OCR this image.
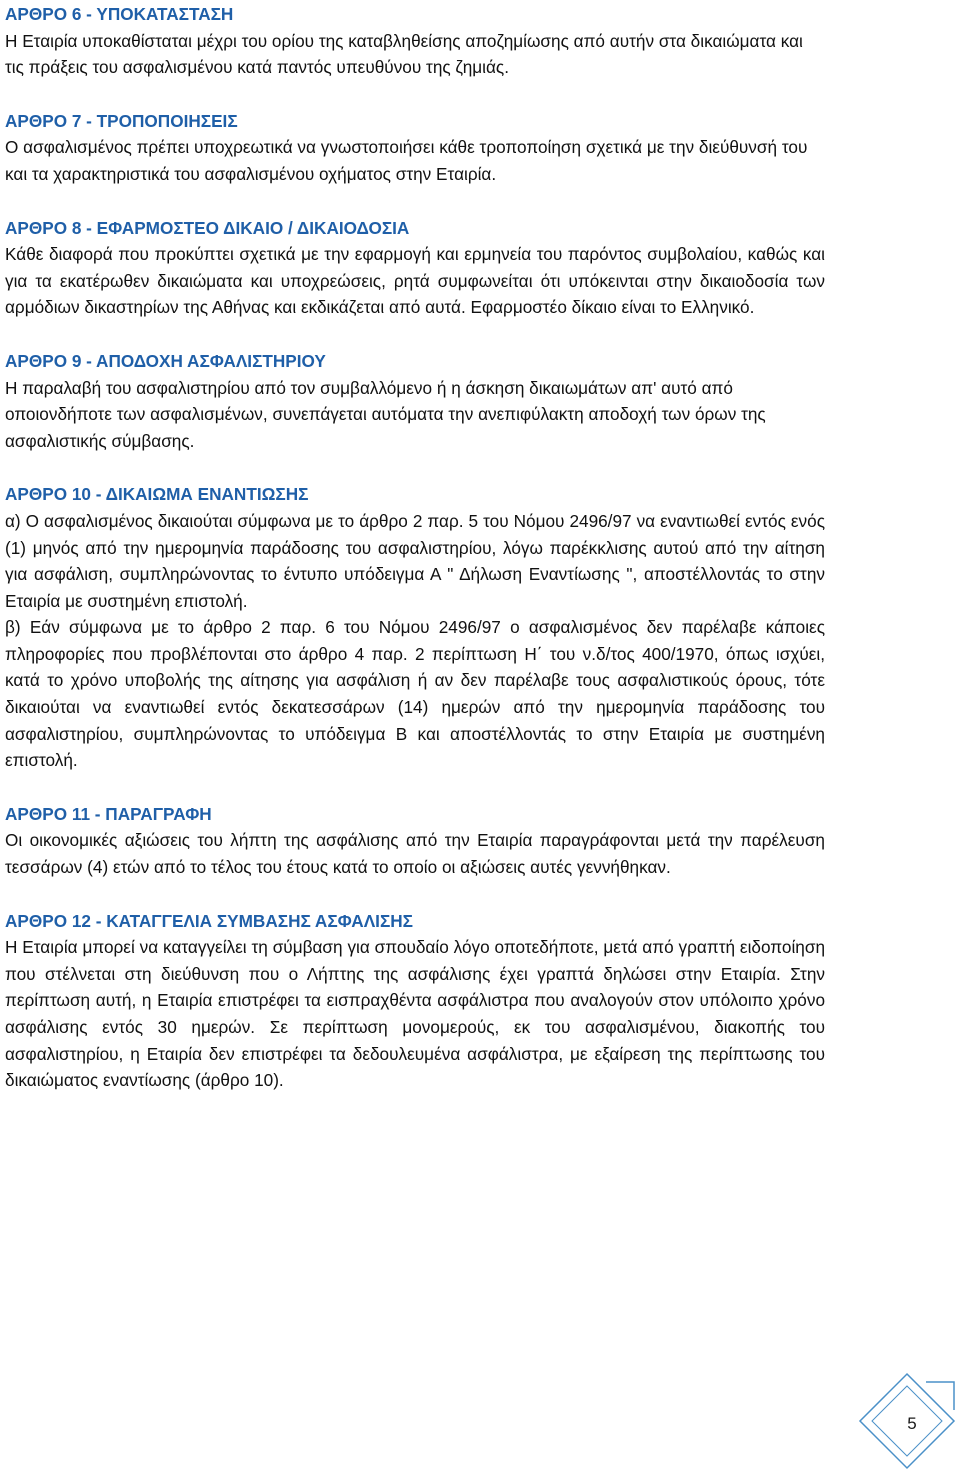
ΑΡΘΡΟ 6 - ΥΠΟΚΑΤΑΣΤΑΣΗ

Η Εταιρία υποκαθίσταται μέχρι του ορίου της καταβληθείσης αποζημίωσης από αυτήν στα δικαιώματα και τις πράξεις του ασφαλισμένου κατά παντός υπευθύνου της ζημιάς.

ΑΡΘΡΟ 7 - ΤΡΟΠΟΠΟΙΗΣΕΙΣ

Ο ασφαλισμένος πρέπει υποχρεωτικά να γνωστοποιήσει κάθε τροποποίηση σχετικά με την διεύθυνσή του και τα χαρακτηριστικά του ασφαλισμένου οχήματος στην Εταιρία.

ΑΡΘΡΟ 8 - ΕΦΑΡΜΟΣΤΕΟ ΔΙΚΑΙΟ / ΔΙΚΑΙΟΔΟΣΙΑ

Κάθε διαφορά που προκύπτει σχετικά με την εφαρμογή και ερμηνεία του παρόντος συμβολαίου, καθώς και για τα εκατέρωθεν δικαιώματα και υποχρεώσεις, ρητά συμφωνείται ότι υπόκεινται στην δικαιοδοσία των αρμόδιων δικαστηρίων της Αθήνας και εκδικάζεται από αυτά. Εφαρμοστέο δίκαιο είναι το Ελληνικό.

ΑΡΘΡΟ 9 - ΑΠΟΔΟΧΗ ΑΣΦΑΛΙΣΤΗΡΙΟΥ

Η παραλαβή του ασφαλιστηρίου από τον συμβαλλόμενο ή η άσκηση δικαιωμάτων απ' αυτό από οποιονδήποτε των ασφαλισμένων, συνεπάγεται αυτόματα την ανεπιφύλακτη αποδοχή των όρων της ασφαλιστικής σύμβασης.

ΑΡΘΡΟ 10 - ΔΙΚΑΙΩΜΑ ΕΝΑΝΤΙΩΣΗΣ

α) Ο ασφαλισμένος δικαιούται σύμφωνα με το άρθρο 2 παρ. 5 του Νόμου 2496/97 να εναντιωθεί εντός ενός (1) μηνός από την ημερομηνία παράδοσης του ασφαλιστηρίου, λόγω παρέκκλισης αυτού από την αίτηση για ασφάλιση, συμπληρώνοντας το έντυπο υπόδειγμα Α " Δήλωση Εναντίωσης ", αποστέλλοντάς το στην Εταιρία με συστημένη επιστολή.

β) Εάν σύμφωνα με το άρθρο 2 παρ. 6 του Νόμου 2496/97 ο ασφαλισμένος δεν παρέλαβε κάποιες πληροφορίες που προβλέπονται στο άρθρο 4 παρ. 2 περίπτωση Η΄ του ν.δ/τος 400/1970, όπως ισχύει, κατά το χρόνο υποβολής της αίτησης για ασφάλιση ή αν δεν παρέλαβε τους ασφαλιστικούς όρους, τότε δικαιούται να εναντιωθεί εντός δεκατεσσάρων (14) ημερών από την ημερομηνία παράδοσης του ασφαλιστηρίου, συμπληρώνοντας το υπόδειγμα Β και αποστέλλοντάς το στην Εταιρία με συστημένη επιστολή.

ΑΡΘΡΟ 11 - ΠΑΡΑΓΡΑΦΗ

Οι οικονομικές αξιώσεις του λήπτη της ασφάλισης από την Εταιρία παραγράφονται μετά την παρέλευση τεσσάρων (4) ετών από το τέλος του έτους κατά το οποίο οι αξιώσεις αυτές γεννήθηκαν.

ΑΡΘΡΟ 12 - ΚΑΤΑΓΓΕΛΙΑ ΣΥΜΒΑΣΗΣ ΑΣΦΑΛΙΣΗΣ

Η Εταιρία μπορεί να καταγγείλει τη σύμβαση για σπουδαίο λόγο οποτεδήποτε, μετά από γραπτή ειδοποίηση που στέλνεται στη διεύθυνση που ο Λήπτης της ασφάλισης έχει γραπτά δηλώσει στην Εταιρία. Στην περίπτωση αυτή, η Εταιρία επιστρέφει τα εισπραχθέντα ασφάλιστρα που αναλογούν στον υπόλοιπο χρόνο ασφάλισης εντός 30 ημερών. Σε περίπτωση μονομερούς, εκ του ασφαλισμένου, διακοπής του ασφαλιστηρίου, η Εταιρία δεν επιστρέφει τα δεδουλευμένα ασφάλιστρα, με εξαίρεση της περίπτωσης του δικαιώματος εναντίωσης (άρθρο 10).

5
